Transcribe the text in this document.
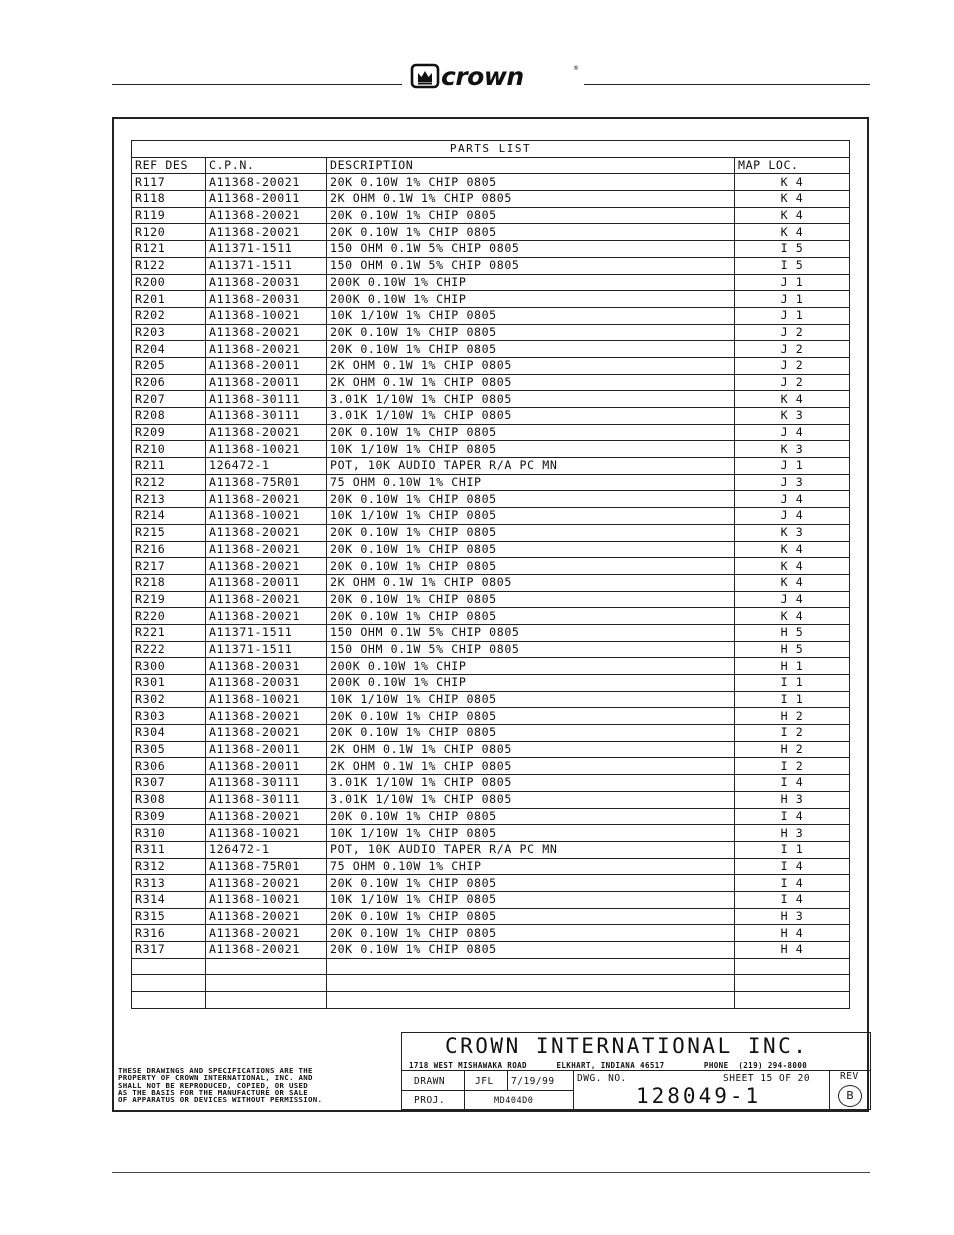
crown	®
PARTS LIST			
REF DES	C.P.N.	DESCRIPTION	MAP LOC.
R117	A11368-20021	20K 0.10W 1% CHIP 0805	K 4
R118	A11368-20011	2K OHM 0.1W 1% CHIP 0805	K 4
R119	A11368-20021	20K 0.10W 1% CHIP 0805	K 4
R120	A11368-20021	20K 0.10W 1% CHIP 0805	K 4
R121	A11371-1511	150 OHM 0.1W 5% CHIP 0805	I 5
R122	A11371-1511	150 OHM 0.1W 5% CHIP 0805	I 5
R200	A11368-20031	200K 0.10W 1% CHIP	J 1
R201	A11368-20031	200K 0.10W 1% CHIP	J 1
R202	A11368-10021	10K 1/10W 1% CHIP 0805	J 1
R203	A11368-20021	20K 0.10W 1% CHIP 0805	J 2
R204	A11368-20021	20K 0.10W 1% CHIP 0805	J 2
R205	A11368-20011	2K OHM 0.1W 1% CHIP 0805	J 2
R206	A11368-20011	2K OHM 0.1W 1% CHIP 0805	J 2
R207	A11368-30111	3.01K 1/10W 1% CHIP 0805	K 4
R208	A11368-30111	3.01K 1/10W 1% CHIP 0805	K 3
R209	A11368-20021	20K 0.10W 1% CHIP 0805	J 4
R210	A11368-10021	10K 1/10W 1% CHIP 0805	K 3
R211	126472-1	POT, 10K AUDIO TAPER R/A PC MN	J 1
R212	A11368-75R01	75 OHM 0.10W 1% CHIP	J 3
R213	A11368-20021	20K 0.10W 1% CHIP 0805	J 4
R214	A11368-10021	10K 1/10W 1% CHIP 0805	J 4
R215	A11368-20021	20K 0.10W 1% CHIP 0805	K 3
R216	A11368-20021	20K 0.10W 1% CHIP 0805	K 4
R217	A11368-20021	20K 0.10W 1% CHIP 0805	K 4
R218	A11368-20011	2K OHM 0.1W 1% CHIP 0805	K 4
R219	A11368-20021	20K 0.10W 1% CHIP 0805	J 4
R220	A11368-20021	20K 0.10W 1% CHIP 0805	K 4
R221	A11371-1511	150 OHM 0.1W 5% CHIP 0805	H 5
R222	A11371-1511	150 OHM 0.1W 5% CHIP 0805	H 5
R300	A11368-20031	200K 0.10W 1% CHIP	H 1
R301	A11368-20031	200K 0.10W 1% CHIP	I 1
R302	A11368-10021	10K 1/10W 1% CHIP 0805	I 1
R303	A11368-20021	20K 0.10W 1% CHIP 0805	H 2
R304	A11368-20021	20K 0.10W 1% CHIP 0805	I 2
R305	A11368-20011	2K OHM 0.1W 1% CHIP 0805	H 2
R306	A11368-20011	2K OHM 0.1W 1% CHIP 0805	I 2
R307	A11368-30111	3.01K 1/10W 1% CHIP 0805	I 4
R308	A11368-30111	3.01K 1/10W 1% CHIP 0805	H 3
R309	A11368-20021	20K 0.10W 1% CHIP 0805	I 4
R310	A11368-10021	10K 1/10W 1% CHIP 0805	H 3
R311	126472-1	POT, 10K AUDIO TAPER R/A PC MN	I 1
R312	A11368-75R01	75 OHM 0.10W 1% CHIP	I 4
R313	A11368-20021	20K 0.10W 1% CHIP 0805	I 4
R314	A11368-10021	10K 1/10W 1% CHIP 0805	I 4
R315	A11368-20021	20K 0.10W 1% CHIP 0805	H 3
R316	A11368-20021	20K 0.10W 1% CHIP 0805	H 4
R317	A11368-20021	20K 0.10W 1% CHIP 0805	H 4

CROWN INTERNATIONAL INC.
1718 WEST MISHAWAKA ROAD      ELKHART, INDIANA 46517        PHONE  (219) 294-8000
DRAWN	JFL 7/19/99 DWG. NO.	SHEET 15 OF 20	REV
128049-1	B
PROJ.	MD404D0
THESE DRAWINGS AND SPECIFICATIONS ARE THE
PROPERTY OF CROWN INTERNATIONAL, INC. AND
SHALL NOT BE REPRODUCED, COPIED, OR USED
AS THE BASIS FOR THE MANUFACTURE OR SALE
OF APPARATUS OR DEVICES WITHOUT PERMISSION.
